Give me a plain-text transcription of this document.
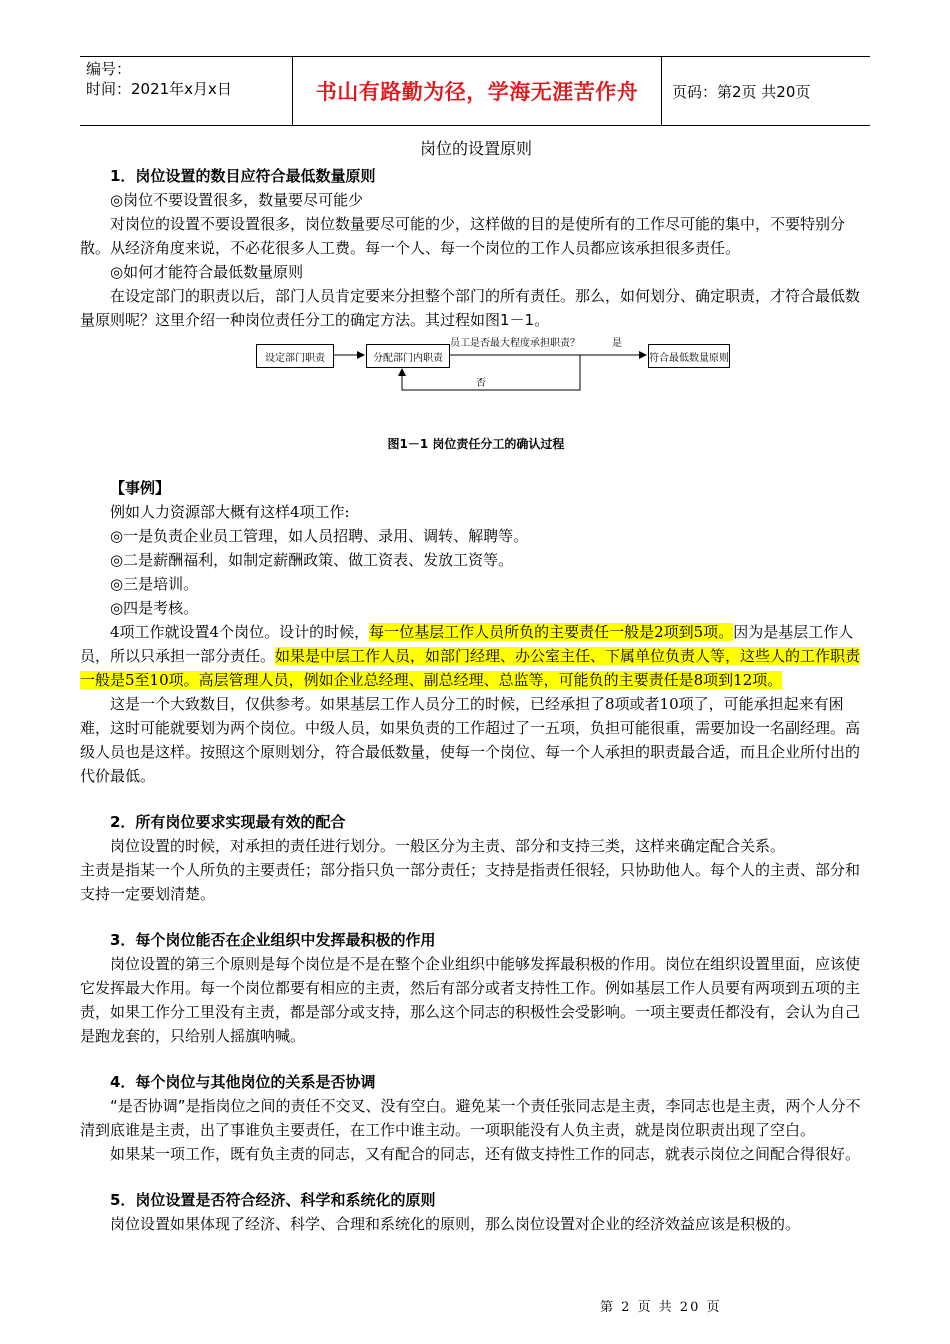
编号：
时间：2021年x月x日	书山有路勤为径，学海无涯苦作舟	页码：第2页 共20页
岗位的设置原则

1．岗位设置的数目应符合最低数量原则

◎岗位不要设置很多，数量要尽可能少

对岗位的设置不要设置很多，岗位数量要尽可能的少，这样做的目的是使所有的工作尽可能的集中，不要特别分散。从经济角度来说，不必花很多人工费。每一个人、每一个岗位的工作人员都应该承担很多责任。

◎如何才能符合最低数量原则

在设定部门的职责以后，部门人员肯定要来分担整个部门的所有责任。那么，如何划分、确定职责，才符合最低数量原则呢？这里介绍一种岗位责任分工的确定方法。其过程如图1－1。

设定部门职责	分配部门内职责
员工是否最大程度承担职责？	是
符合最低数量原则
否
图1－1 岗位责任分工的确认过程

【事例】

例如人力资源部大概有这样4项工作:

◎一是负责企业员工管理，如人员招聘、录用、调转、解聘等。

◎二是薪酬福利，如制定薪酬政策、做工资表、发放工资等。

◎三是培训。

◎四是考核。

4项工作就设置4个岗位。设计的时候，每一位基层工作人员所负的主要责任一般是2项到5项。因为是基层工作人员，所以只承担一部分责任。如果是中层工作人员，如部门经理、办公室主任、下属单位负责人等，这些人的工作职责一般是5至10项。高层管理人员，例如企业总经理、副总经理、总监等，可能负的主要责任是8项到12项。

这是一个大致数目，仅供参考。如果基层工作人员分工的时候，已经承担了8项或者10项了，可能承担起来有困难，这时可能就要划为两个岗位。中级人员，如果负责的工作超过了一五项，负担可能很重，需要加设一名副经理。高级人员也是这样。按照这个原则划分，符合最低数量，使每一个岗位、每一个人承担的职责最合适，而且企业所付出的代价最低。

2．所有岗位要求实现最有效的配合

岗位设置的时候，对承担的责任进行划分。一般区分为主责、部分和支持三类，这样来确定配合关系。

主责是指某一个人所负的主要责任；部分指只负一部分责任；支持是指责任很轻，只协助他人。每个人的主责、部分和支持一定要划清楚。

3．每个岗位能否在企业组织中发挥最积极的作用

岗位设置的第三个原则是每个岗位是不是在整个企业组织中能够发挥最积极的作用。岗位在组织设置里面，应该使它发挥最大作用。每一个岗位都要有相应的主责，然后有部分或者支持性工作。例如基层工作人员要有两项到五项的主责，如果工作分工里没有主责，都是部分或支持，那么这个同志的积极性会受影响。一项主要责任都没有，会认为自己是跑龙套的，只给别人摇旗呐喊。

4．每个岗位与其他岗位的关系是否协调

“是否协调”是指岗位之间的责任不交叉、没有空白。避免某一个责任张同志是主责，李同志也是主责，两个人分不清到底谁是主责，出了事谁负主要责任，在工作中谁主动。一项职能没有人负主责，就是岗位职责出现了空白。

如果某一项工作，既有负主责的同志，又有配合的同志，还有做支持性工作的同志，就表示岗位之间配合得很好。

5．岗位设置是否符合经济、科学和系统化的原则

岗位设置如果体现了经济、科学、合理和系统化的原则，那么岗位设置对企业的经济效益应该是积极的。

第 2 页 共 20 页
